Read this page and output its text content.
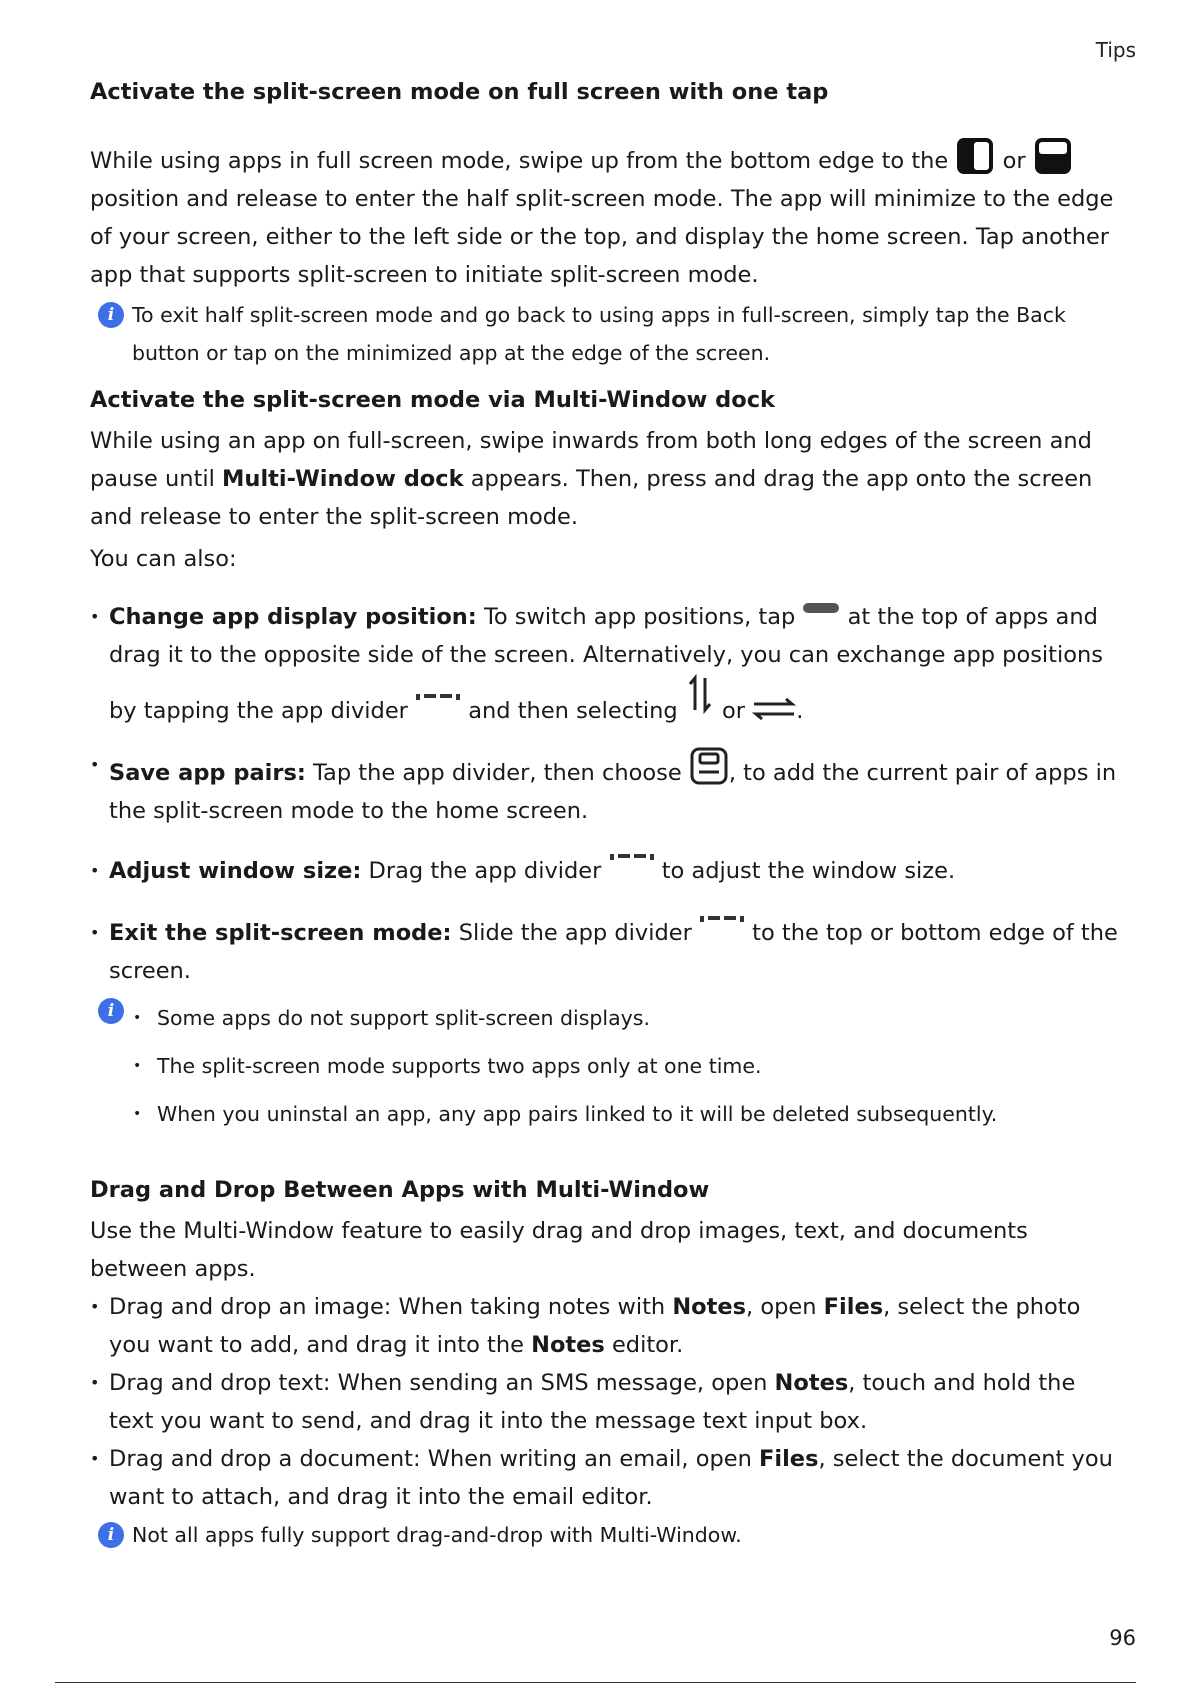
Tips
Activate the split-screen mode on full screen with one tap

While using apps in full screen mode, swipe up from the bottom edge to the or  position and release to enter the half split-screen mode. The app will minimize to the edge of your screen, either to the left side or the top, and display the home screen. Tap another app that supports split-screen to initiate split-screen mode.

i To exit half split-screen mode and go back to using apps in full-screen, simply tap the Back button or tap on the minimized app at the edge of the screen.
Activate the split-screen mode via Multi-Window dock

While using an app on full-screen, swipe inwards from both long edges of the screen and pause until Multi-Window dock appears. Then, press and drag the app onto the screen and release to enter the split-screen mode.

You can also:

• Change app display position: To switch app positions, tap  at the top of apps and drag it to the opposite side of the screen. Alternatively, you can exchange app positions by tapping the app divider  and then selecting  or .
• Save app pairs: Tap the app divider, then choose , to add the current pair of apps in the split-screen mode to the home screen.
• Adjust window size: Drag the app divider  to adjust the window size.
• Exit the split-screen mode: Slide the app divider  to the top or bottom edge of the screen.
• i	Some apps do not support split-screen displays.
• The split-screen mode supports two apps only at one time.
• When you uninstal an app, any app pairs linked to it will be deleted subsequently.
Drag and Drop Between Apps with Multi-Window

Use the Multi-Window feature to easily drag and drop images, text, and documents between apps.

• Drag and drop an image: When taking notes with Notes, open Files, select the photo you want to add, and drag it into the Notes editor.
• Drag and drop text: When sending an SMS message, open Notes, touch and hold the text you want to send, and drag it into the message text input box.
• Drag and drop a document: When writing an email, open Files, select the document you want to attach, and drag it into the email editor.
i Not all apps fully support drag-and-drop with Multi-Window.
96
